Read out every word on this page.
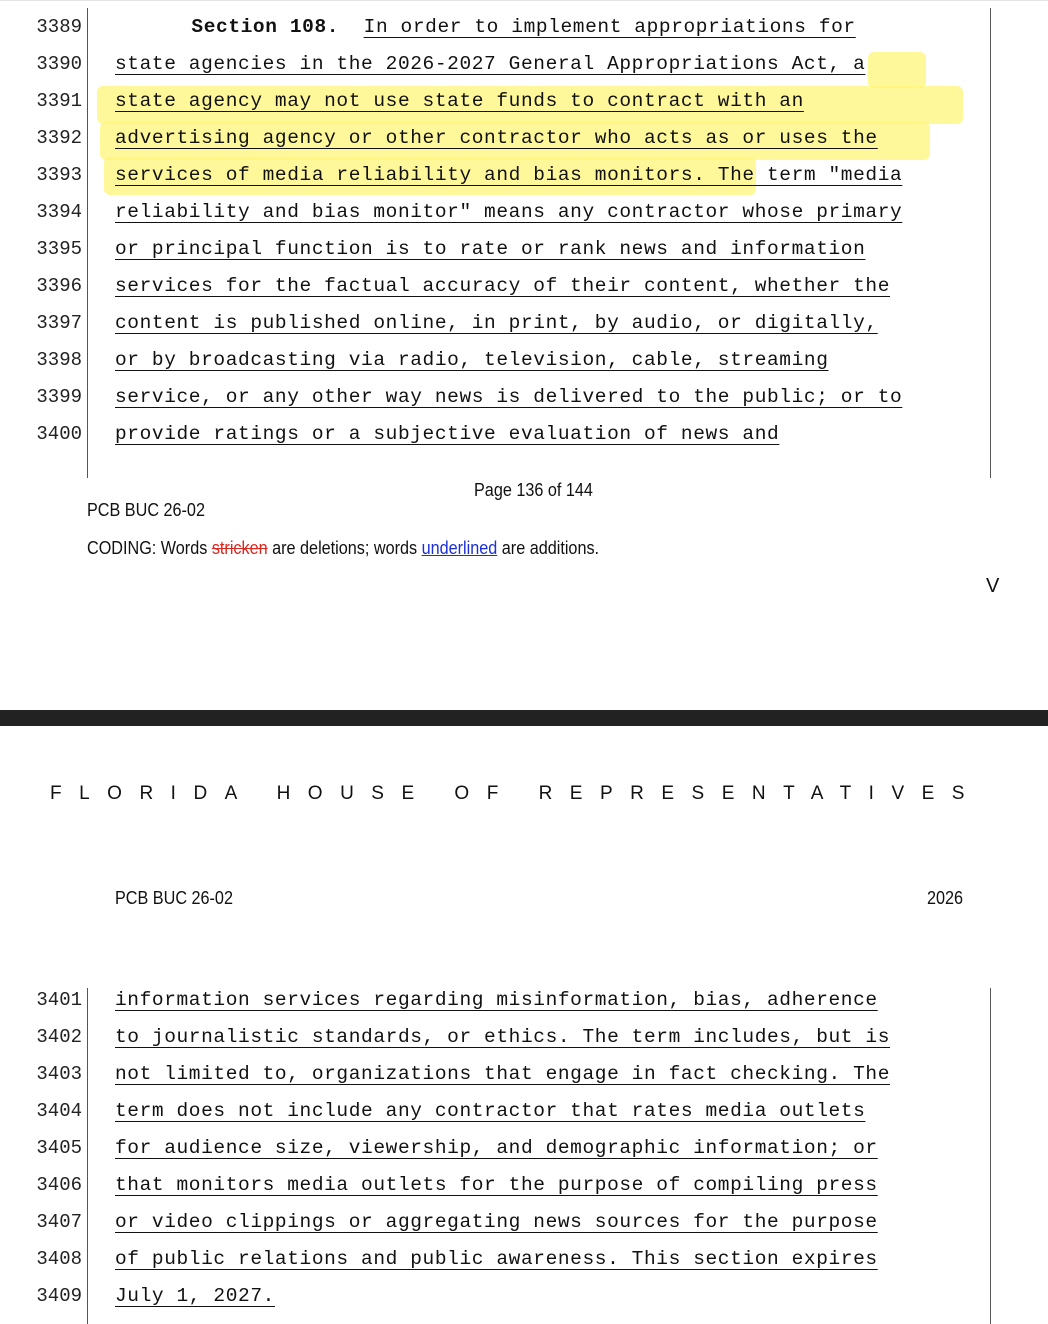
3389	Section 108. In order to implement appropriations for
3390 state agencies in the 2026-2027 General Appropriations Act, a
3391 state agency may not use state funds to contract with an
3392 advertising agency or other contractor who acts as or uses the
3393 services of media reliability and bias monitors. The term "media
3394 reliability and bias monitor" means any contractor whose primary
3395 or principal function is to rate or rank news and information
3396 services for the factual accuracy of their content, whether the
3397 content is published online, in print, by audio, or digitally,
3398 or by broadcasting via radio, television, cable, streaming
3399 service, or any other way news is delivered to the public; or to
3400 provide ratings or a subjective evaluation of news and
Page 136 of 144
PCB BUC 26-02
CODING: Words stricken are deletions; words underlined are additions.
V
FLORIDA HOUSE OF REPRESENTATIVES
PCB BUC 26-02	2026
3401 information services regarding misinformation, bias, adherence
3402 to journalistic standards, or ethics. The term includes, but is
3403 not limited to, organizations that engage in fact checking. The
3404 term does not include any contractor that rates media outlets
3405 for audience size, viewership, and demographic information; or
3406 that monitors media outlets for the purpose of compiling press
3407 or video clippings or aggregating news sources for the purpose
3408 of public relations and public awareness. This section expires
3409 July 1, 2027.
